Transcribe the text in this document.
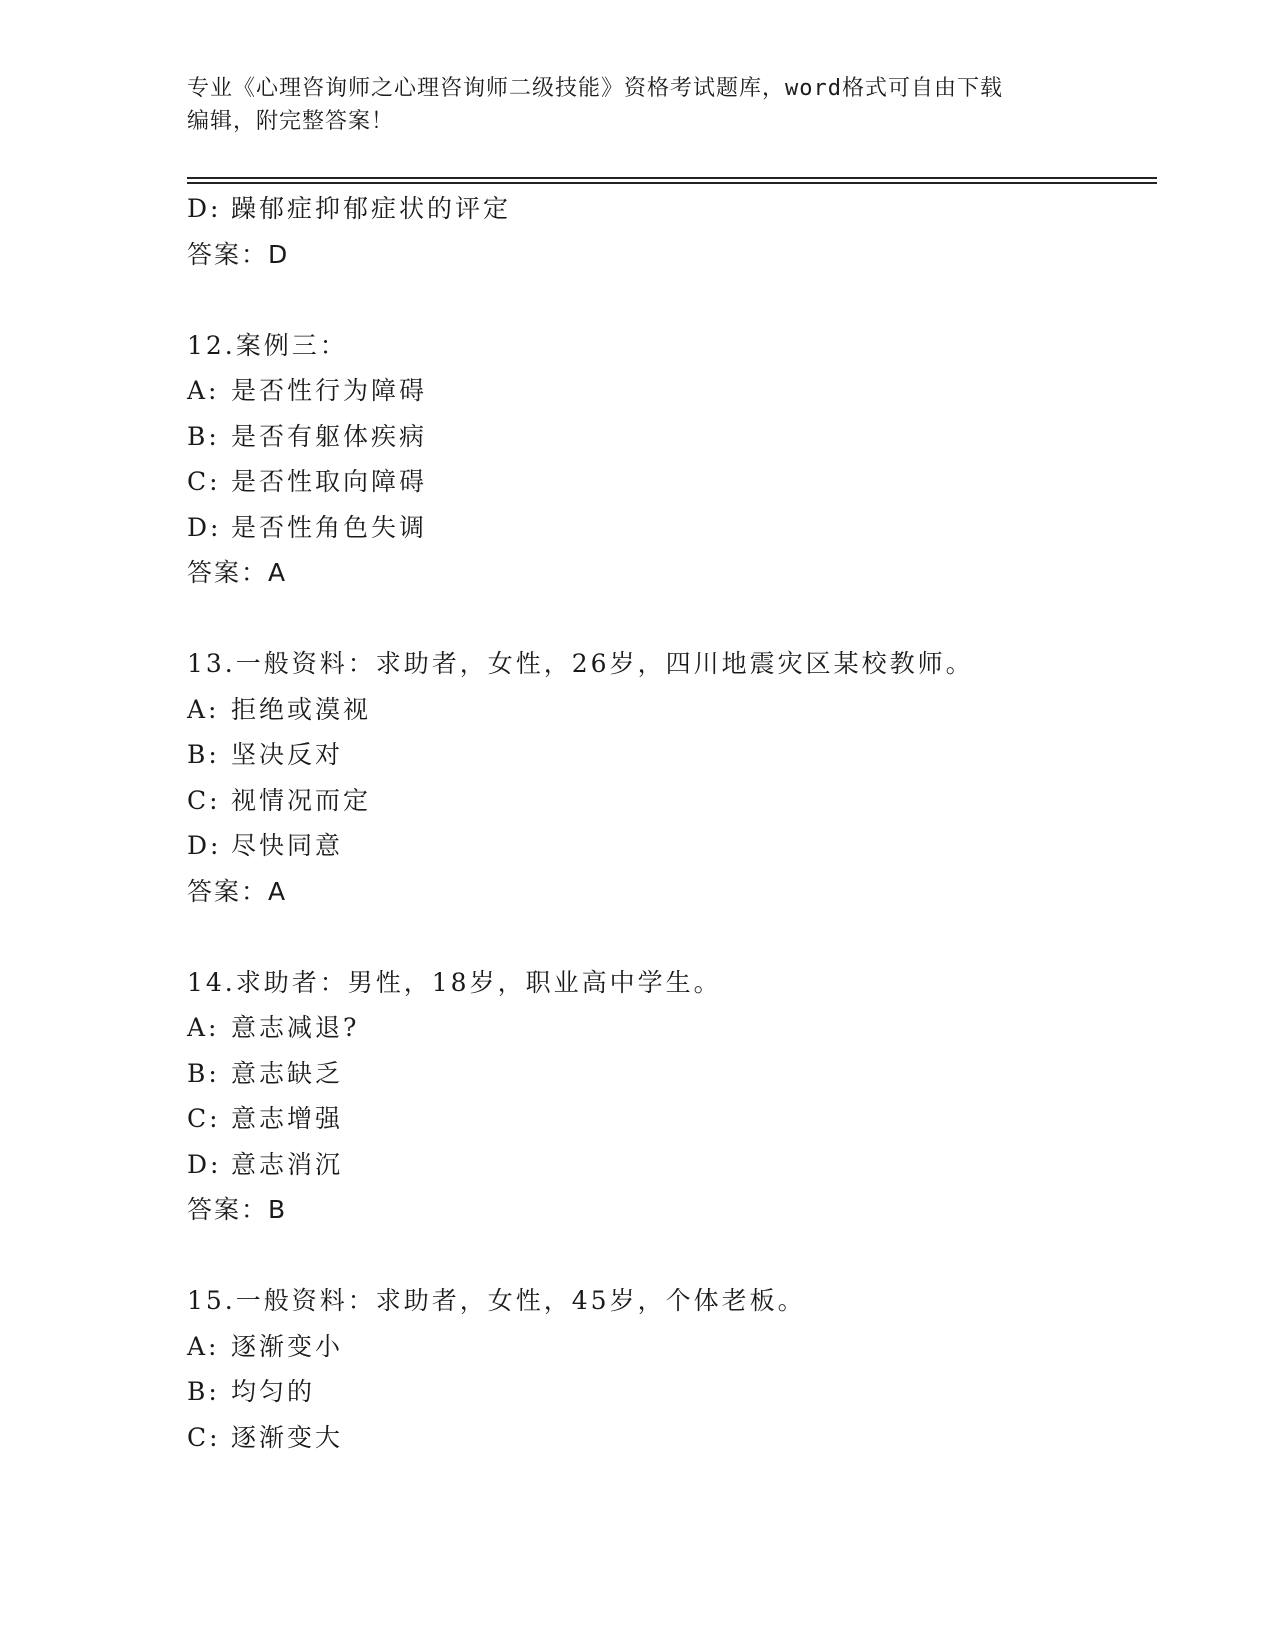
专业《心理咨询师之心理咨询师二级技能》资格考试题库，word格式可自由下载
编辑，附完整答案！
D: 躁郁症抑郁症状的评定
答案：D
12.案例三：
A: 是否性行为障碍
B: 是否有躯体疾病
C: 是否性取向障碍
D: 是否性角色失调
答案：A
13.一般资料：求助者，女性，26岁，四川地震灾区某校教师。
A: 拒绝或漠视
B: 坚决反对
C: 视情况而定
D: 尽快同意
答案：A
14.求助者：男性，18岁，职业高中学生。
A: 意志减退?
B: 意志缺乏
C: 意志增强
D: 意志消沉
答案：B
15.一般资料：求助者，女性，45岁，个体老板。
A: 逐渐变小
B: 均匀的
C: 逐渐变大
